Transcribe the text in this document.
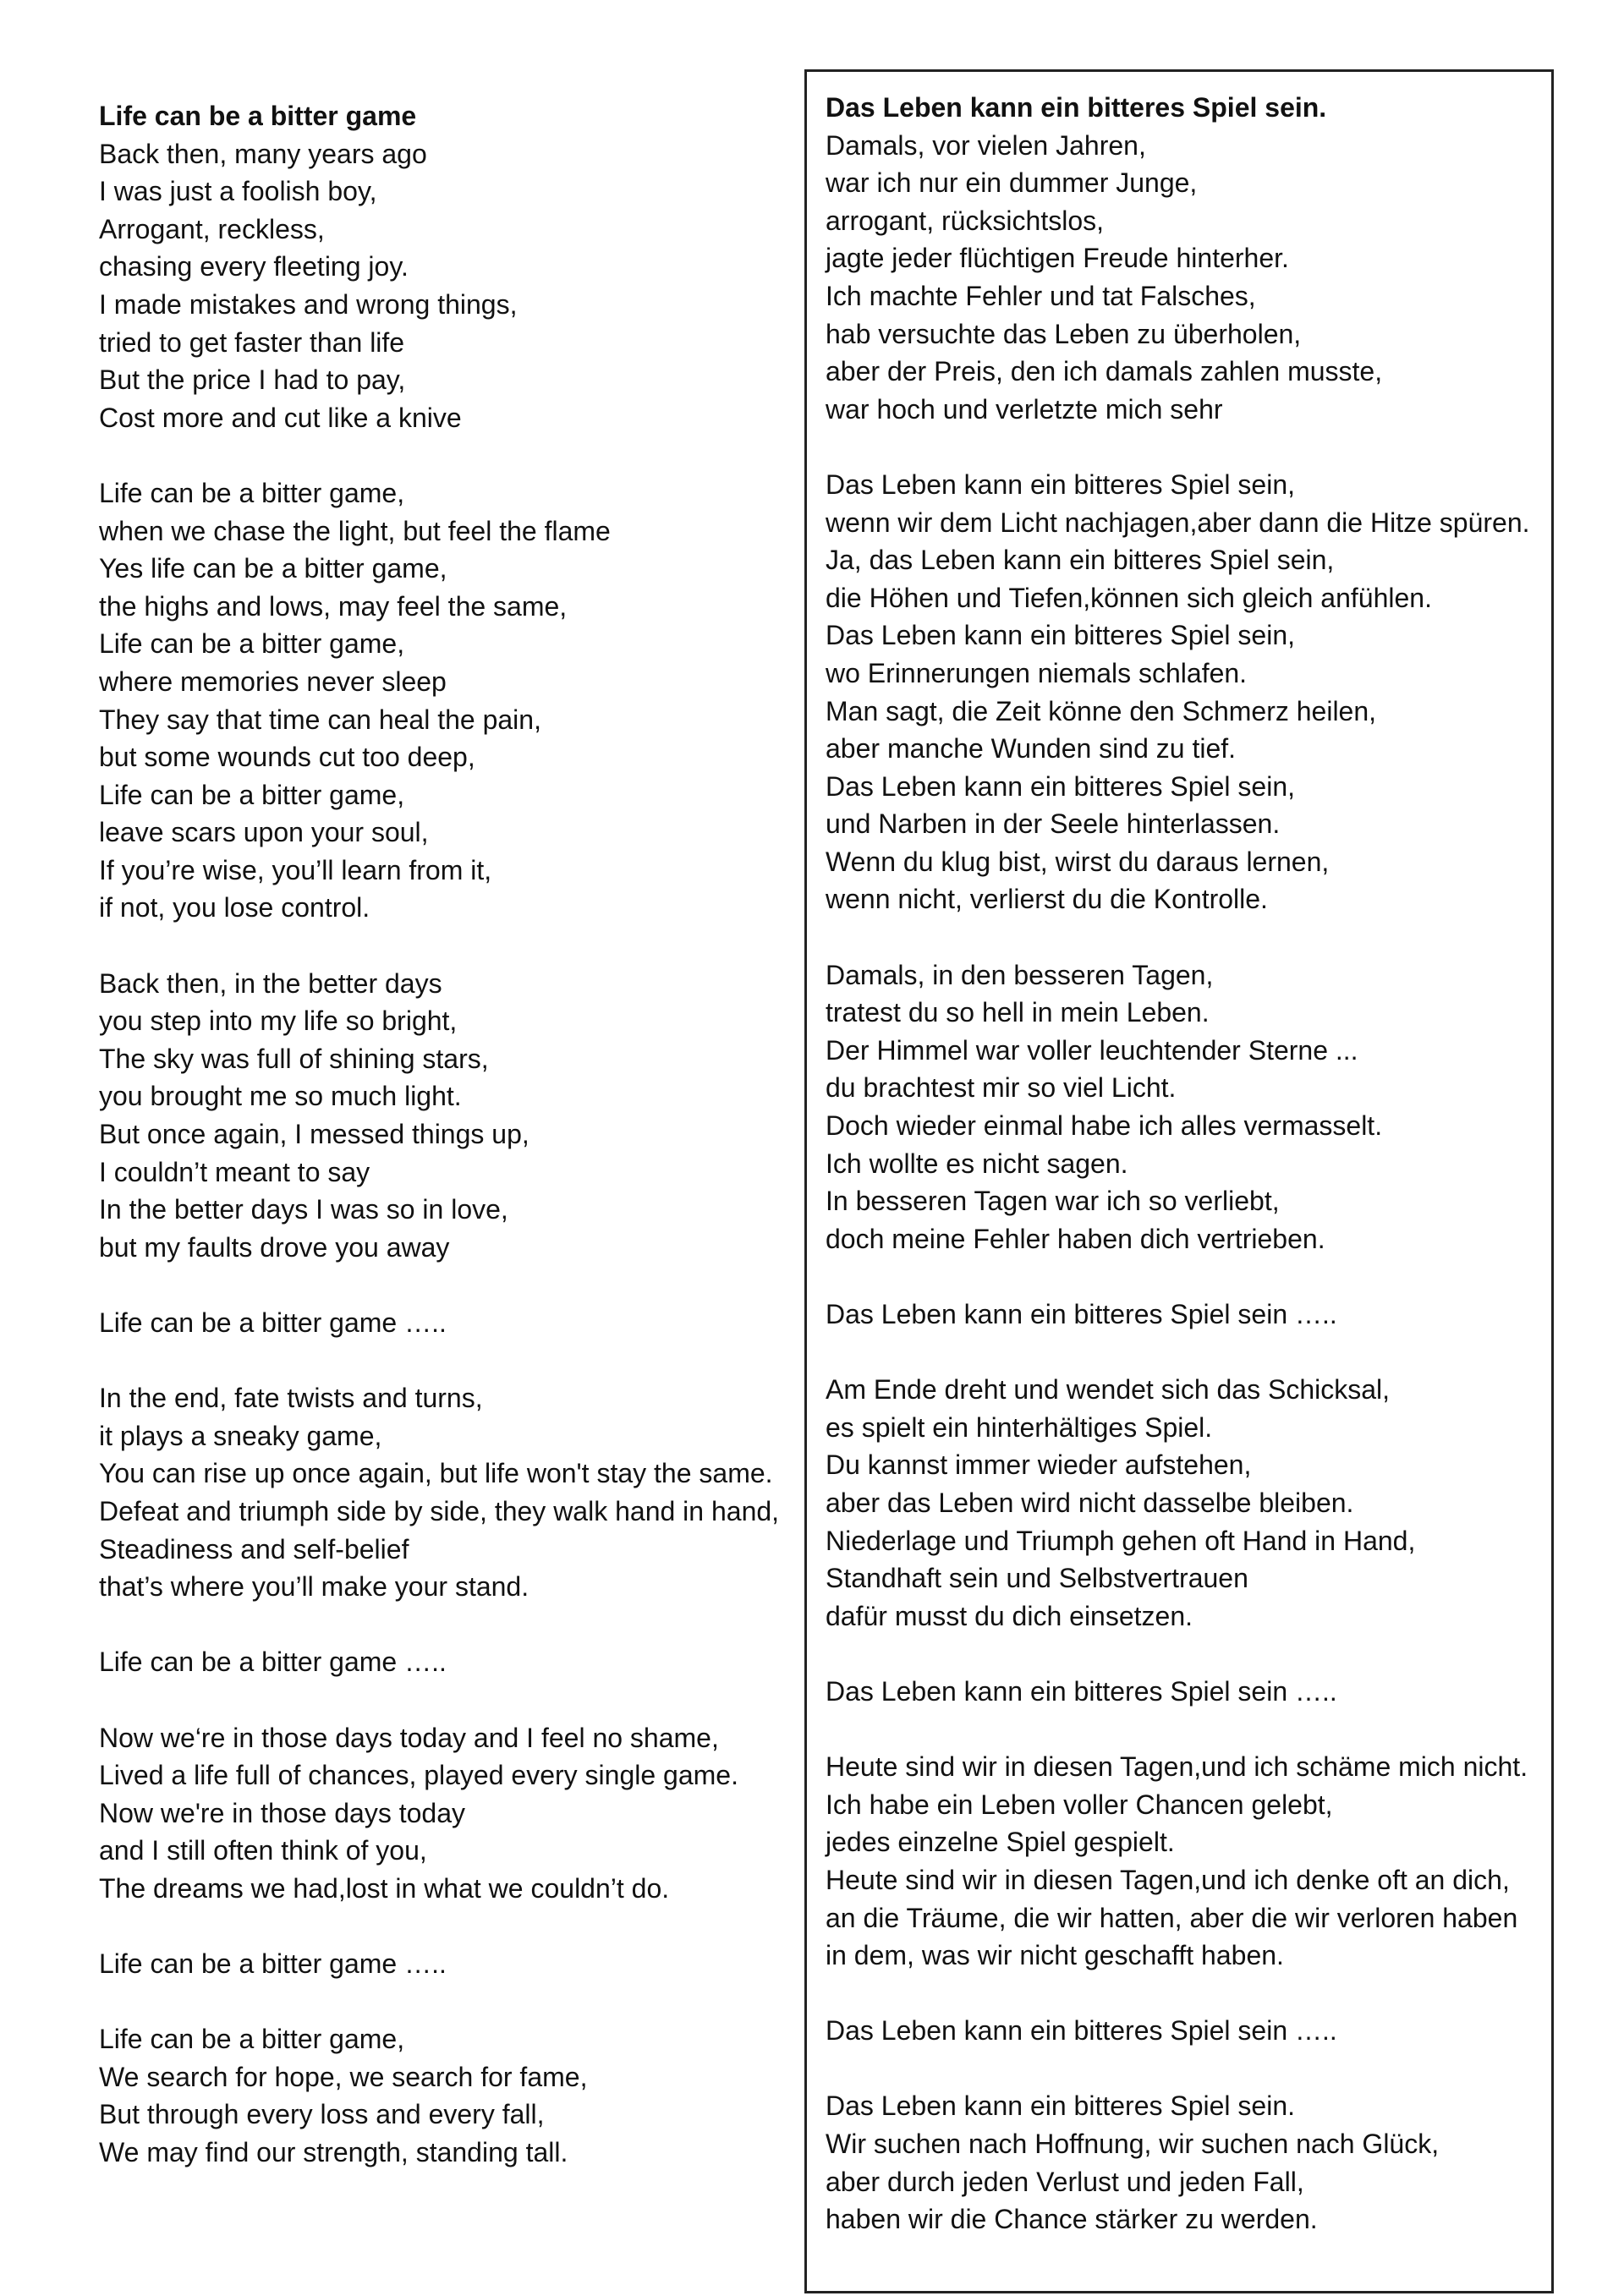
Life can be a bitter game
Back then, many years ago
I was just a foolish boy,
Arrogant, reckless,
chasing every fleeting joy.
I made mistakes and wrong things,
tried to get faster than life
But the price I had to pay,
Cost more and cut like a knive
Life can be a bitter game,
when we chase the light, but feel the flame
Yes life can be a bitter game,
the highs and lows, may feel the same,
Life can be a bitter game,
where memories never sleep
They say that time can heal the pain,
but some wounds cut too deep,
Life can be a bitter game,
leave scars upon your soul,
If you’re wise, you’ll learn from it,
if not, you lose control.
Back then, in the better days
you step into my life so bright,
The sky was full of shining stars,
you brought me so much light.
But once again, I messed things up,
I couldn’t meant to say
In the better days I was so in love,
but my faults drove you away
Life can be a bitter game …..
In the end, fate twists and turns,
it plays a sneaky game,
You can rise up once again, but life won't stay the same.
Defeat and triumph side by side, they walk hand in hand,
Steadiness and self-belief
that’s where you’ll make your stand.
Life can be a bitter game …..
Now we‘re in those days today and I feel no shame,
Lived a life full of chances, played every single game.
Now we're in those days today
and I still often think of you,
The dreams we had,lost in what we couldn’t do.
Life can be a bitter game …..
Life can be a bitter game,
We search for hope, we search for fame,
But through every loss and every fall,
We may find our strength, standing tall.
Das Leben kann ein bitteres Spiel sein.
Damals, vor vielen Jahren,
war ich nur ein dummer Junge,
arrogant, rücksichtslos,
jagte jeder flüchtigen Freude hinterher.
Ich machte Fehler und tat Falsches,
hab versuchte das Leben zu überholen,
aber der Preis, den ich damals zahlen musste,
war hoch und verletzte mich sehr
Das Leben kann ein bitteres Spiel sein,
wenn wir dem Licht nachjagen,aber dann die Hitze spüren.
Ja, das Leben kann ein bitteres Spiel sein,
die Höhen und Tiefen,können sich gleich anfühlen.
Das Leben kann ein bitteres Spiel sein,
wo Erinnerungen niemals schlafen.
Man sagt, die Zeit könne den Schmerz heilen,
aber manche Wunden sind zu tief.
Das Leben kann ein bitteres Spiel sein,
und Narben in der Seele hinterlassen.
Wenn du klug bist, wirst du daraus lernen,
wenn nicht, verlierst du die Kontrolle.
Damals, in den besseren Tagen,
tratest du so hell in mein Leben.
Der Himmel war voller leuchtender Sterne ...
du brachtest mir so viel Licht.
Doch wieder einmal habe ich alles vermasselt.
Ich wollte es nicht sagen.
In besseren Tagen war ich so verliebt,
doch meine Fehler haben dich vertrieben.
Das Leben kann ein bitteres Spiel sein …..
Am Ende dreht und wendet sich das Schicksal,
es spielt ein hinterhältiges Spiel.
Du kannst immer wieder aufstehen,
aber das Leben wird nicht dasselbe bleiben.
Niederlage und Triumph gehen oft Hand in Hand,
Standhaft sein und Selbstvertrauen
dafür musst du dich einsetzen.
Das Leben kann ein bitteres Spiel sein …..
Heute sind wir in diesen Tagen,und ich schäme mich nicht.
Ich habe ein Leben voller Chancen gelebt,
jedes einzelne Spiel gespielt.
Heute sind wir in diesen Tagen,und ich denke oft an dich,
an die Träume, die wir hatten, aber die wir verloren haben
in dem, was wir nicht geschafft haben.
Das Leben kann ein bitteres Spiel sein …..
Das Leben kann ein bitteres Spiel sein.
Wir suchen nach Hoffnung, wir suchen nach Glück,
aber durch jeden Verlust und jeden Fall,
haben wir die Chance stärker zu werden.
